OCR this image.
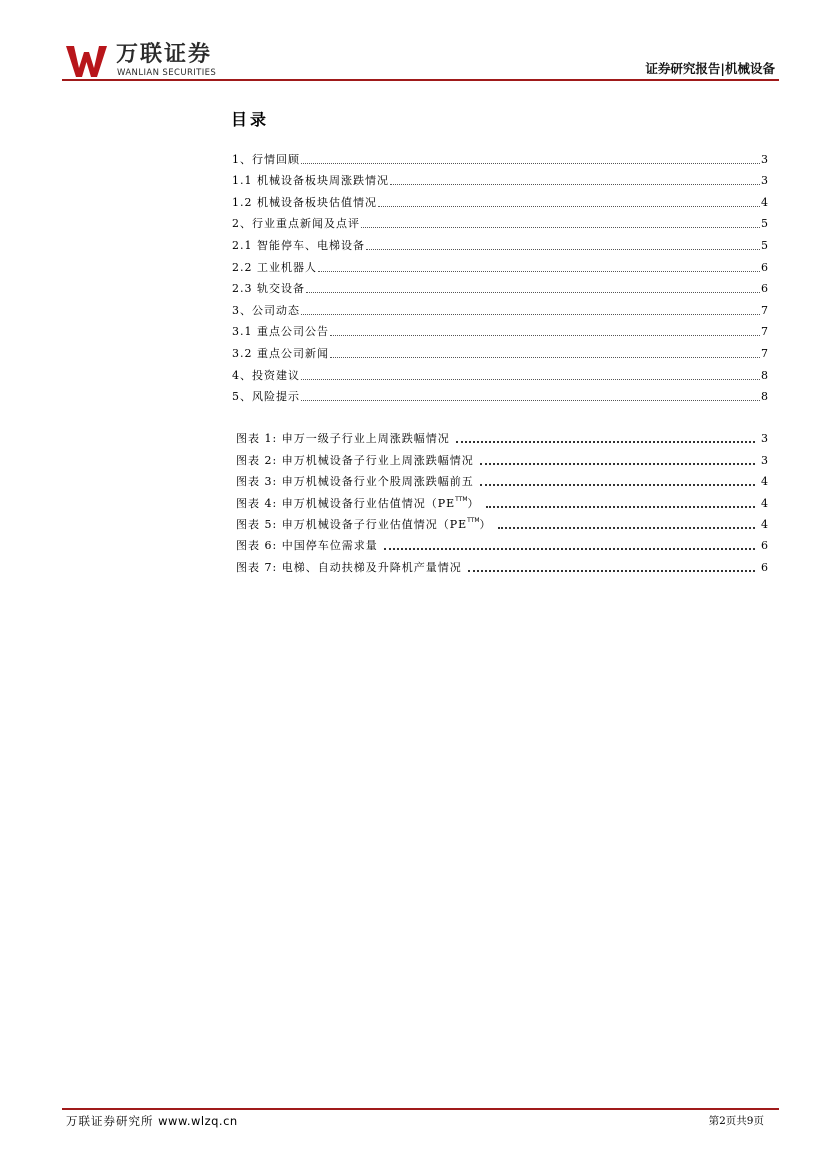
万联证券
WANLIAN SECURITIES	证券研究报告|机械设备
目录
1、行情回顾	3
1.1 机械设备板块周涨跌情况	3
1.2 机械设备板块估值情况	4
2、行业重点新闻及点评	5
2.1 智能停车、电梯设备	5
2.2 工业机器人	6
2.3 轨交设备	6
3、公司动态	7
3.1 重点公司公告	7
3.2 重点公司新闻	7
4、投资建议	8
5、风险提示	8
图表 1: 申万一级子行业上周涨跌幅情况	3
图表 2: 申万机械设备子行业上周涨跌幅情况	3
图表 3: 申万机械设备行业个股周涨跌幅前五	4
图表 4: 申万机械设备行业估值情况$(PE^{TTM})$	4
图表 5: 申万机械设备子行业估值情况$(PE^{TTM})$	4
图表 6: 中国停车位需求量	6
图表 7: 电梯、自动扶梯及升降机产量情况	6
万联证券研究所 www.wlzq.cn	第2页共9页
